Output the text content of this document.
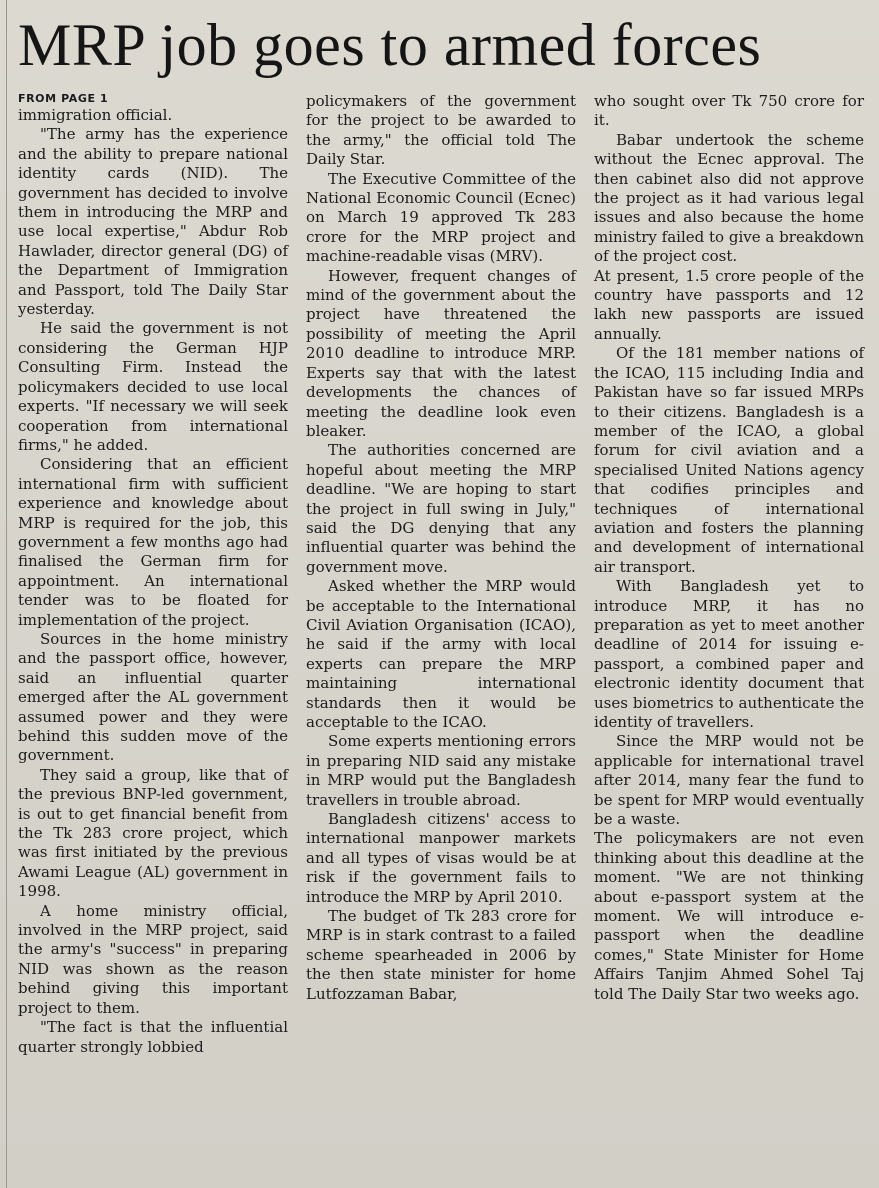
MRP job goes to armed forces
FROM PAGE 1

immigration official.

"The army has the experience and the ability to prepare national identity cards (NID). The government has decided to involve them in introducing the MRP and use local expertise," Abdur Rob Hawlader, director general (DG) of the Department of Immigration and Passport, told The Daily Star yesterday.

He said the government is not considering the German HJP Consulting Firm. Instead the policymakers decided to use local experts. "If necessary we will seek cooperation from international firms," he added.

Considering that an efficient international firm with sufficient experience and knowledge about MRP is required for the job, this government a few months ago had finalised the German firm for appointment. An international tender was to be floated for implementation of the project.

Sources in the home ministry and the passport office, however, said an influential quarter emerged after the AL government assumed power and they were behind this sudden move of the government.

They said a group, like that of the previous BNP-led government, is out to get financial benefit from the Tk 283 crore project, which was first initiated by the previous Awami League (AL) government in 1998.

A home ministry official, involved in the MRP project, said the army's "success" in preparing NID was shown as the reason behind giving this important project to them.

"The fact is that the influential quarter strongly lobbied

policymakers of the government for the project to be awarded to the army," the official told The Daily Star.

The Executive Committee of the National Economic Council (Ecnec) on March 19 approved Tk 283 crore for the MRP project and machine-readable visas (MRV).

However, frequent changes of mind of the government about the project have threatened the possibility of meeting the April 2010 deadline to introduce MRP. Experts say that with the latest developments the chances of meeting the deadline look even bleaker.

The authorities concerned are hopeful about meeting the MRP deadline. "We are hoping to start the project in full swing in July," said the DG denying that any influential quarter was behind the government move.

Asked whether the MRP would be acceptable to the International Civil Aviation Organisation (ICAO), he said if the army with local experts can prepare the MRP maintaining international standards then it would be acceptable to the ICAO.

Some experts mentioning errors in preparing NID said any mistake in MRP would put the Bangladesh travellers in trouble abroad.

Bangladesh citizens' access to international manpower markets and all types of visas would be at risk if the government fails to introduce the MRP by April 2010.

The budget of Tk 283 crore for MRP is in stark contrast to a failed scheme spearheaded in 2006 by the then state minister for home Lutfozzaman Babar,

who sought over Tk 750 crore for it.

Babar undertook the scheme without the Ecnec approval. The then cabinet also did not approve the project as it had various legal issues and also because the home ministry failed to give a breakdown of the project cost.

At present, 1.5 crore people of the country have passports and 12 lakh new passports are issued annually.

Of the 181 member nations of the ICAO, 115 including India and Pakistan have so far issued MRPs to their citizens. Bangladesh is a member of the ICAO, a global forum for civil aviation and a specialised United Nations agency that codifies principles and techniques of international aviation and fosters the planning and development of international air transport.

With Bangladesh yet to introduce MRP, it has no preparation as yet to meet another deadline of 2014 for issuing e-passport, a combined paper and electronic identity document that uses biometrics to authenticate the identity of travellers.

Since the MRP would not be applicable for international travel after 2014, many fear the fund to be spent for MRP would eventually be a waste.

The policymakers are not even thinking about this deadline at the moment. "We are not thinking about e-passport system at the moment. We will introduce e-passport when the deadline comes," State Minister for Home Affairs Tanjim Ahmed Sohel Taj told The Daily Star two weeks ago.
